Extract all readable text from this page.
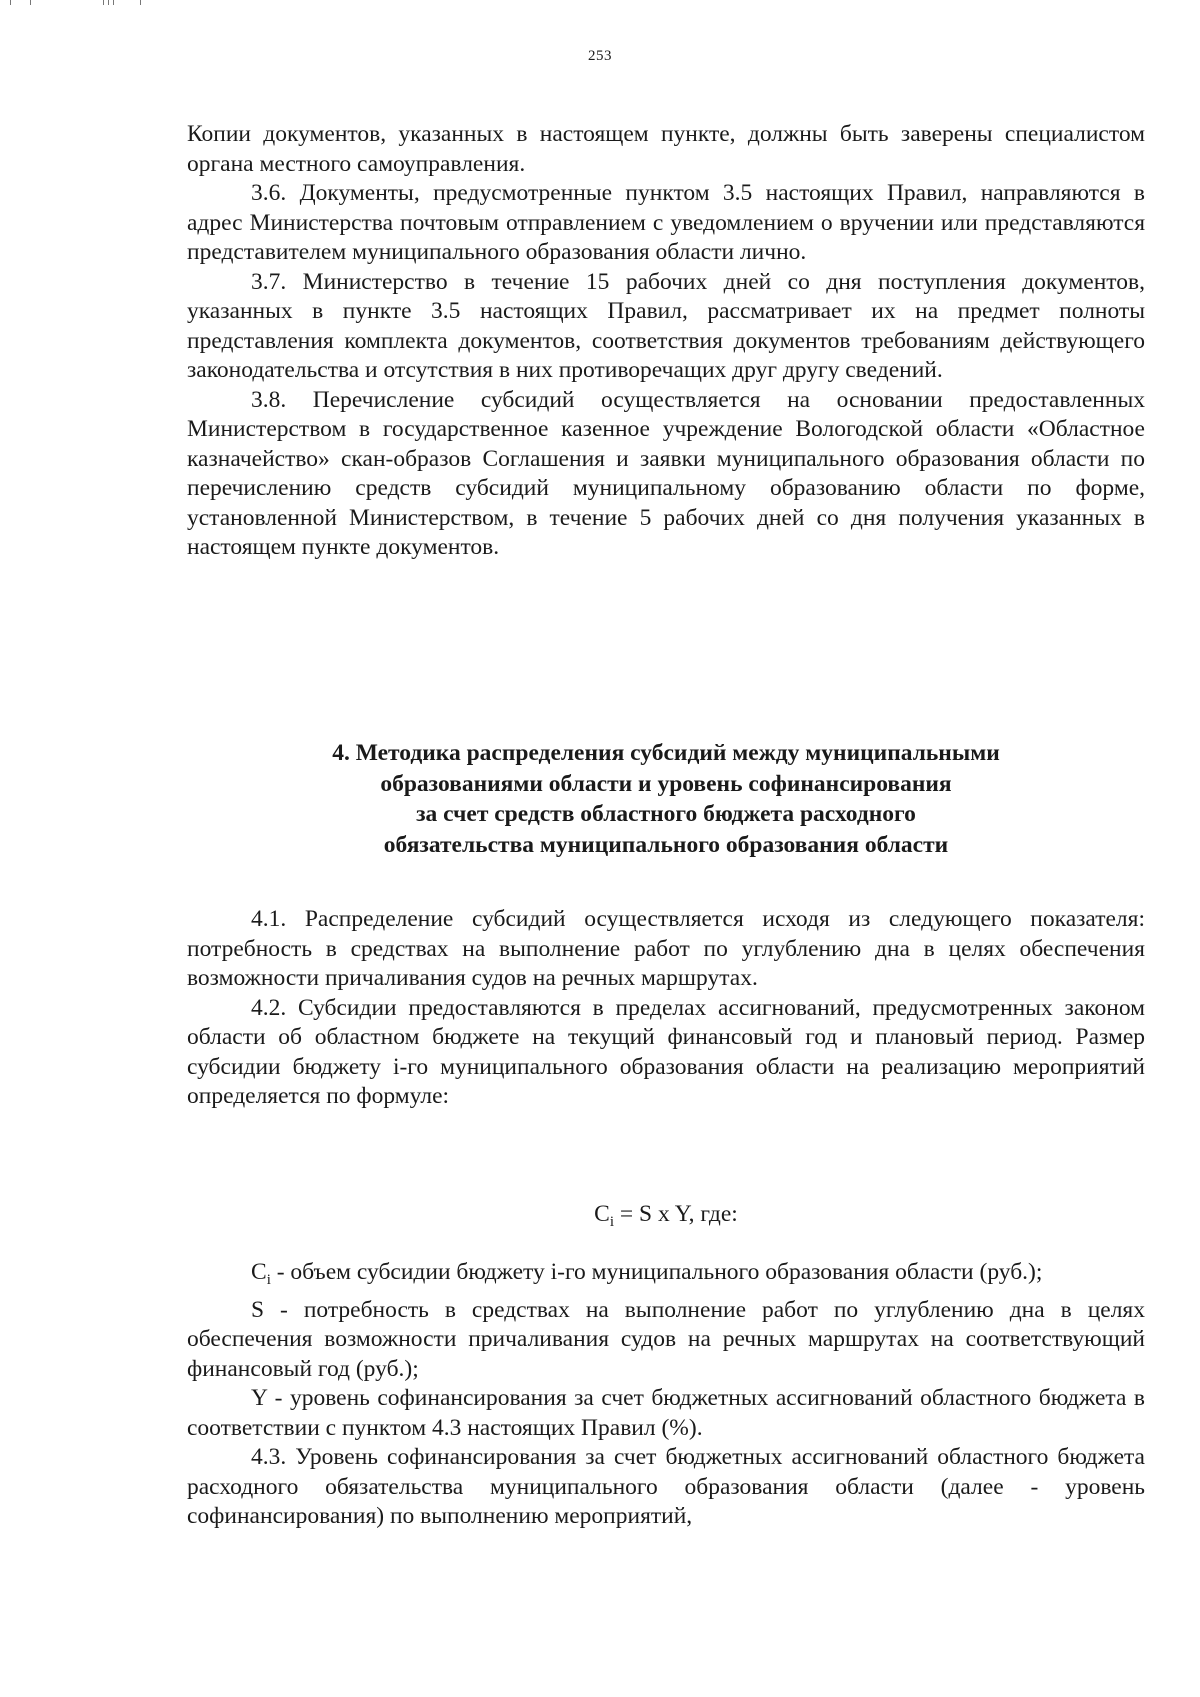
253

Копии документов, указанных в настоящем пункте, должны быть заверены специалистом органа местного самоуправления.

3.6. Документы, предусмотренные пунктом 3.5 настоящих Правил, направляются в адрес Министерства почтовым отправлением с уведомлением о вручении или представляются представителем муниципального образования области лично.

3.7. Министерство в течение 15 рабочих дней со дня поступления документов, указанных в пункте 3.5 настоящих Правил, рассматривает их на предмет полноты представления комплекта документов, соответствия документов требованиям действующего законодательства и отсутствия в них противоречащих друг другу сведений.

3.8. Перечисление субсидий осуществляется на основании предоставленных Министерством в государственное казенное учреждение Вологодской области «Областное казначейство» скан-образов Соглашения и заявки муниципального образования области по перечислению средств субсидий муниципальному образованию области по форме, установленной Министерством, в течение 5 рабочих дней со дня получения указанных в настоящем пункте документов.

4. Методика распределения субсидий между муниципальными
образованиями области и уровень софинансирования
за счет средств областного бюджета расходного
обязательства муниципального образования области

4.1. Распределение субсидий осуществляется исходя из следующего показателя: потребность в средствах на выполнение работ по углублению дна в целях обеспечения возможности причаливания судов на речных маршрутах.

4.2. Субсидии предоставляются в пределах ассигнований, предусмотренных законом области об областном бюджете на текущий финансовый год и плановый период. Размер субсидии бюджету i-го муниципального образования области на реализацию мероприятий определяется по формуле:

$C_i = S$ x Y, где:

$C_i$ - объем субсидии бюджету i-го муниципального образования области (руб.);

S - потребность в средствах на выполнение работ по углублению дна в целях обеспечения возможности причаливания судов на речных маршрутах на соответствующий финансовый год (руб.);

Y - уровень софинансирования за счет бюджетных ассигнований областного бюджета в соответствии с пунктом 4.3 настоящих Правил (%).

4.3. Уровень софинансирования за счет бюджетных ассигнований областного бюджета расходного обязательства муниципального образования области (далее - уровень софинансирования) по выполнению мероприятий,
